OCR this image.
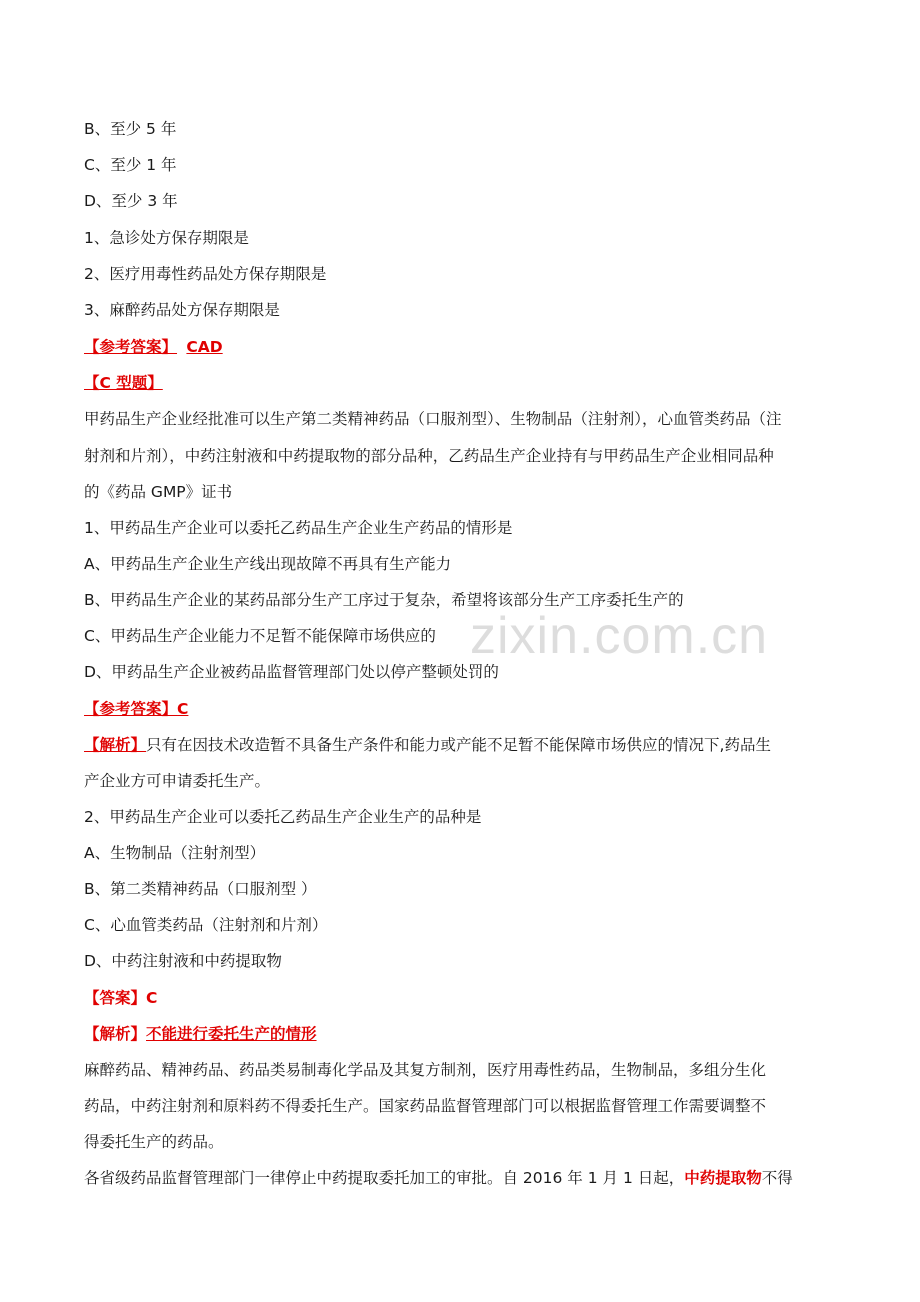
zixin.com.cn
B、至少 5 年
C、至少 1 年
D、至少 3 年
1、急诊处方保存期限是
2、医疗用毒性药品处方保存期限是
3、麻醉药品处方保存期限是
【参考答案】 CAD
【C 型题】
甲药品生产企业经批准可以生产第二类精神药品（口服剂型）、生物制品（注射剂），心血管类药品（注
射剂和片剂），中药注射液和中药提取物的部分品种，乙药品生产企业持有与甲药品生产企业相同品种
的《药品 GMP》证书
1、甲药品生产企业可以委托乙药品生产企业生产药品的情形是
A、甲药品生产企业生产线出现故障不再具有生产能力
B、甲药品生产企业的某药品部分生产工序过于复杂，希望将该部分生产工序委托生产的
C、甲药品生产企业能力不足暂不能保障市场供应的
D、甲药品生产企业被药品监督管理部门处以停产整顿处罚的
【参考答案】C
【解析】只有在因技术改造暂不具备生产条件和能力或产能不足暂不能保障市场供应的情况下,药品生
产企业方可申请委托生产。
2、甲药品生产企业可以委托乙药品生产企业生产的品种是
A、生物制品（注射剂型）
B、第二类精神药品（口服剂型 ）
C、心血管类药品（注射剂和片剂）
D、中药注射液和中药提取物
【答案】C
【解析】不能进行委托生产的情形
麻醉药品、精神药品、药品类易制毒化学品及其复方制剂，医疗用毒性药品，生物制品，多组分生化
药品，中药注射剂和原料药不得委托生产。国家药品监督管理部门可以根据监督管理工作需要调整不
得委托生产的药品。
各省级药品监督管理部门一律停止中药提取委托加工的审批。自 2016 年 1 月 1 日起，中药提取物不得
